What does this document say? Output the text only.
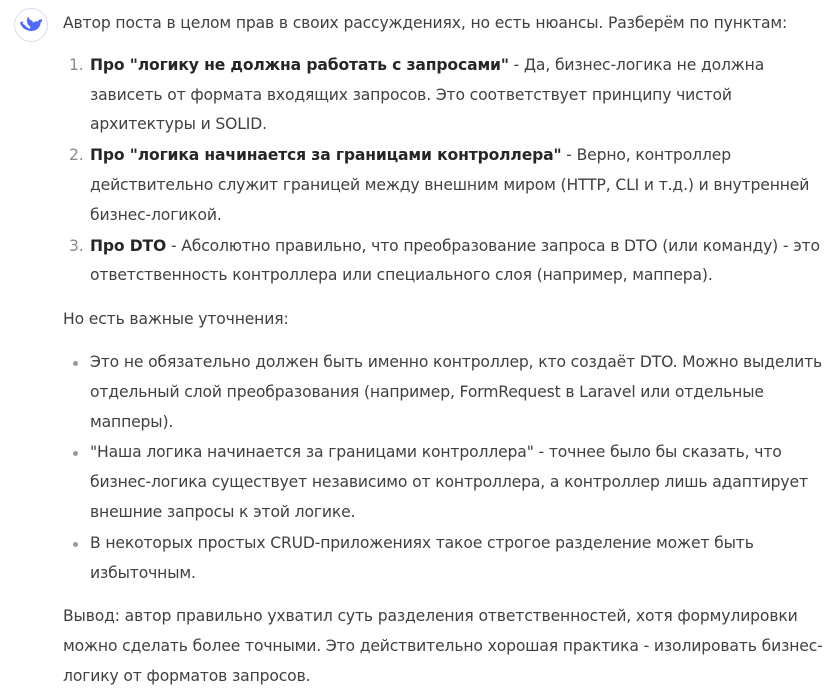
Автор поста в целом прав в своих рассуждениях, но есть нюансы. Разберём по пунктам:

1. Про "логику не должна работать с запросами" - Да, бизнес-логика не должна зависеть от формата входящих запросов. Это соответствует принципу чистой архитектуры и SOLID.
2. Про "логика начинается за границами контроллера" - Верно, контроллер действительно служит границей между внешним миром (HTTP, CLI и т.д.) и внутренней бизнес-логикой.
3. Про DTO - Абсолютно правильно, что преобразование запроса в DTO (или команду) - это ответственность контроллера или специального слоя (например, маппера).

Но есть важные уточнения:

Это не обязательно должен быть именно контроллер, кто создаёт DTO. Можно выделить отдельный слой преобразования (например, FormRequest в Laravel или отдельные мапперы).
"Наша логика начинается за границами контроллера" - точнее было бы сказать, что бизнес-логика существует независимо от контроллера, а контроллер лишь адаптирует внешние запросы к этой логике.
В некоторых простых CRUD-приложениях такое строгое разделение может быть избыточным.

Вывод: автор правильно ухватил суть разделения ответственностей, хотя формулировки можно сделать более точными. Это действительно хорошая практика - изолировать бизнес-логику от форматов запросов.
